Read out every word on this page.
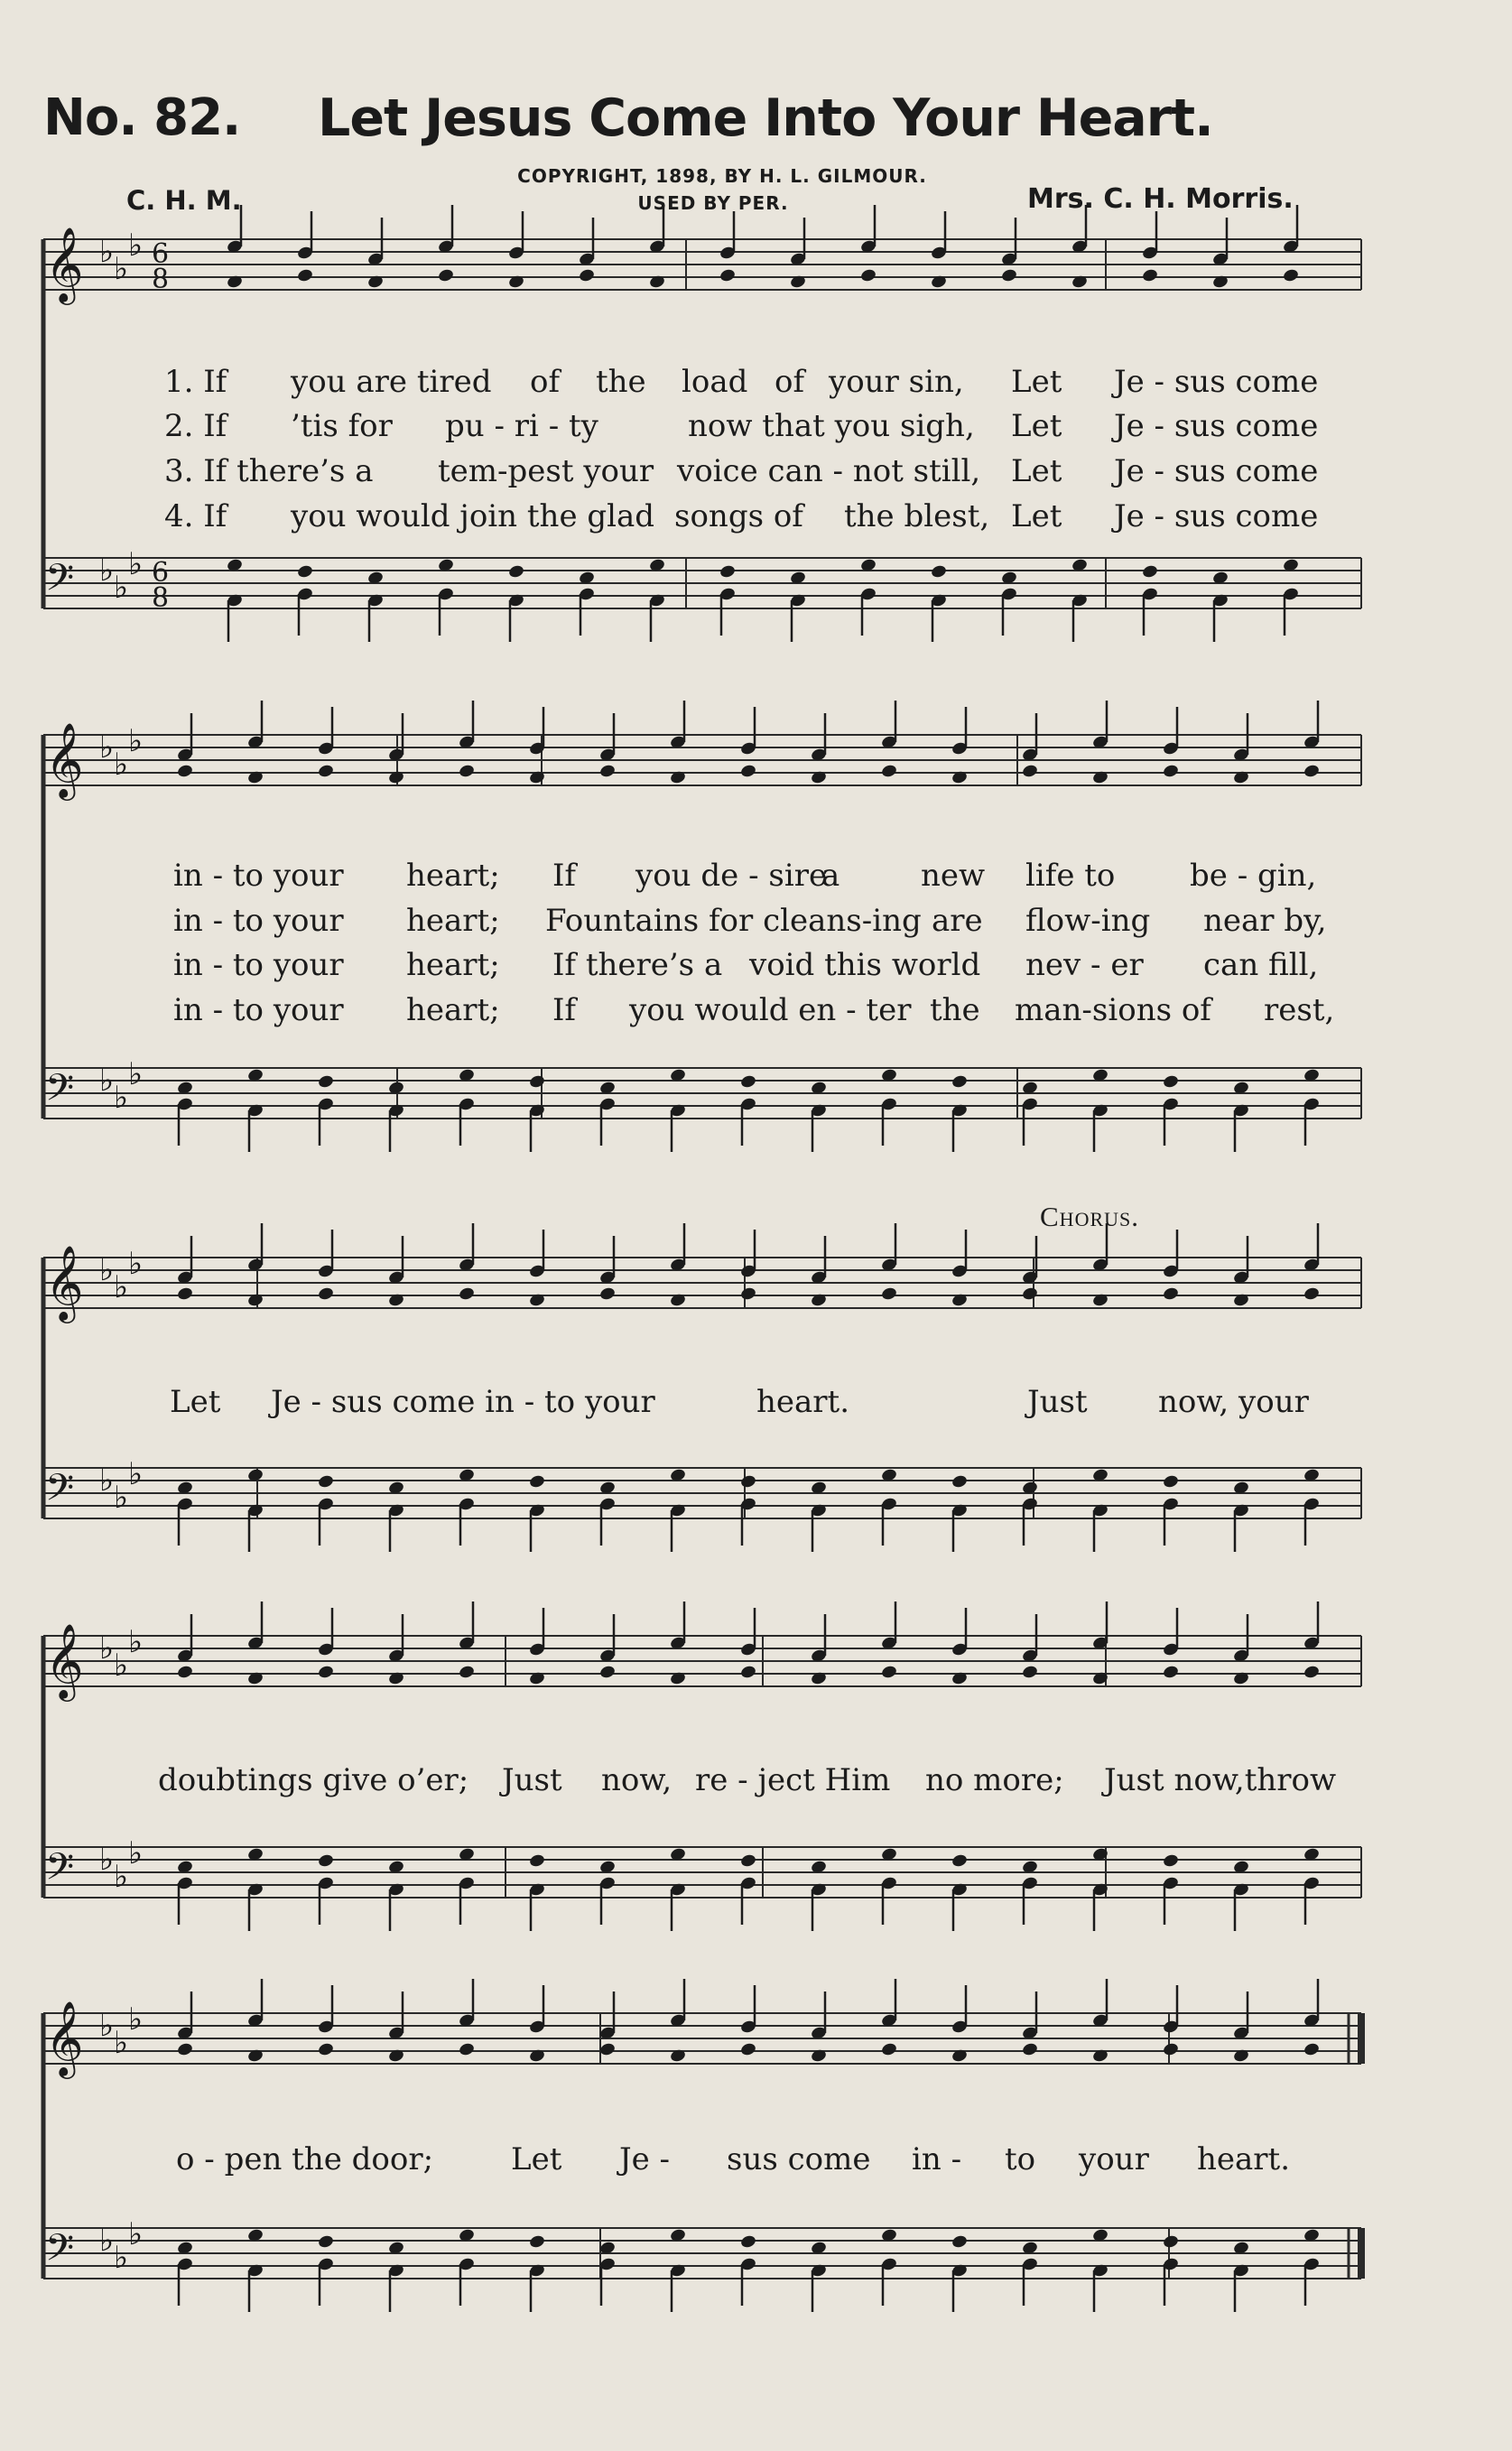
No. 82. Let Jesus Come Into Your Heart.
COPYRIGHT, 1898, BY H. L. GILMOUR.
USED BY PER.
C. H. M.	Mrs. C. H. Morris.
Chorus.
𝄞 ♭ ♭
♭ 6
8
𝄢 ♭ ♭
♭ 6
8
𝄞 ♭ ♭
♭
𝄢 ♭ ♭
♭
𝄞 ♭ ♭
♭
𝄢 ♭ ♭
♭
𝄞 ♭ ♭
♭
𝄢 ♭ ♭
♭
𝄞 ♭ ♭
♭
𝄢 ♭ ♭
♭
1. If you are tired of the load of your sin, Let Je - sus come
2. If ’tis for pu - ri - ty	now that you sigh, Let Je - sus come
3. If there’s a tem-pest your voice can - not still, Let Je - sus come
4. If you would join the glad songs of the blest, Let Je - sus come
in - to your heart; If you de - sire
a	new life to be - gin,
in - to your heart; Fountains for cleans-ing are flow-ing near by,
in - to your heart; If there’s a void this world nev - er can fill,
in - to your heart; If you would en - ter the man-sions of rest,
Let Je - sus come in - to your	heart.	Just now, your
doubtings give o’er; Just now, re - ject Him no more; Just now,throw
o - pen the door;	Let Je - sus come in - to your heart.
